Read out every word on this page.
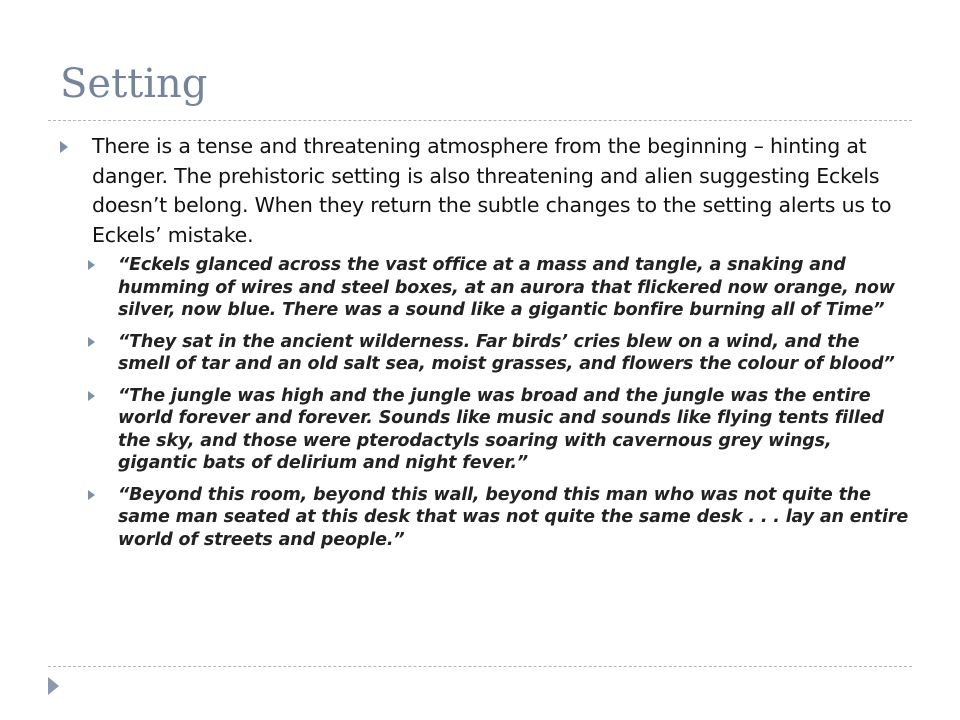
Setting
There is a tense and threatening atmosphere from the beginning – hinting at danger. The prehistoric setting is also threatening and alien suggesting Eckels doesn’t belong. When they return the subtle changes to the setting alerts us to Eckels’ mistake.
“Eckels glanced across the vast office at a mass and tangle, a snaking and humming of wires and steel boxes, at an aurora that flickered now orange, now silver, now blue. There was a sound like a gigantic bonfire burning all of Time”
“They sat in the ancient wilderness. Far birds’ cries blew on a wind, and the smell of tar and an old salt sea, moist grasses, and flowers the colour of blood”
“The jungle was high and the jungle was broad and the jungle was the entire world forever and forever. Sounds like music and sounds like flying tents filled the sky, and those were pterodactyls soaring with cavernous grey wings, gigantic bats of delirium and night fever.”
“Beyond this room, beyond this wall, beyond this man who was not quite the same man seated at this desk that was not quite the same desk . . . lay an entire world of streets and people.”
